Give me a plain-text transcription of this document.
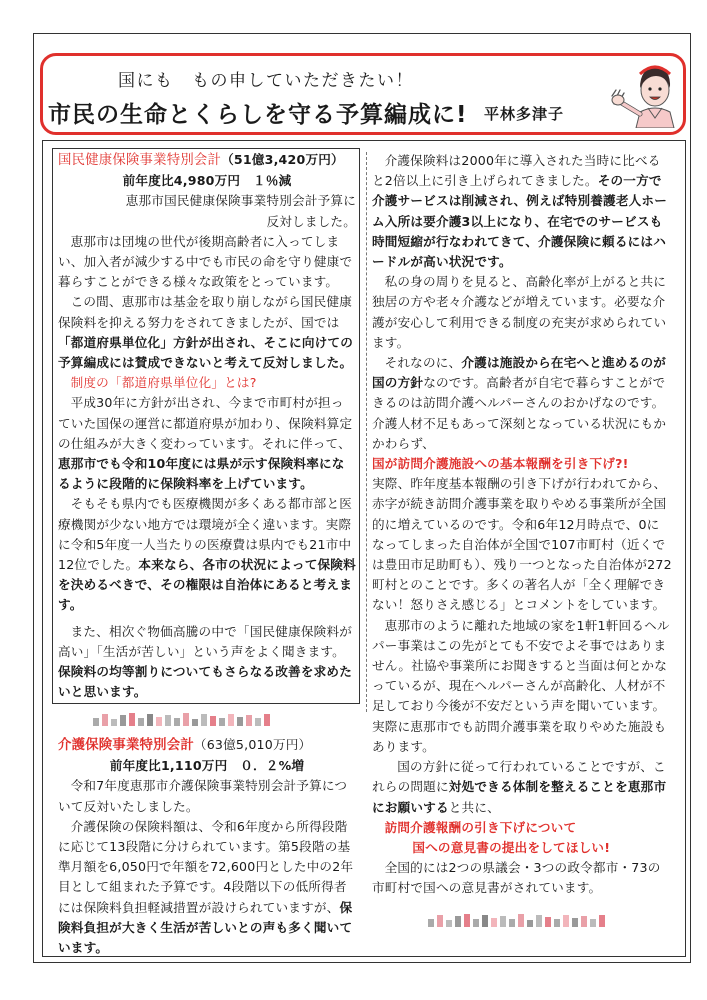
国にも　もの申していただきたい！
市民の生命とくらしを守る予算編成に! 平林多津子

国民健康保険事業特別会計（51億3,420万円）

前年度比4,980万円　１％減

恵那市国民健康保険事業特別会計予算に

反対しました。

恵那市は団塊の世代が後期高齢者に入ってしまい、加入者が減少する中でも市民の命を守り健康で暮らすことができる様々な政策をとっています。

この間、恵那市は基金を取り崩しながら国民健康保険料を抑える努力をされてきましたが、国では「都道府県単位化」方針が出され、そこに向けての予算編成には賛成できないと考えて反対しました。

制度の「都道府県単位化」とは?

平成30年に方針が出され、今まで市町村が担っていた国保の運営に都道府県が加わり、保険料算定の仕組みが大きく変わっています。それに伴って、恵那市でも令和10年度には県が示す保険料率になるように段階的に保険料率を上げています。

そもそも県内でも医療機関が多くある都市部と医療機関が少ない地方では環境が全く違います。実際に令和5年度一人当たりの医療費は県内でも21市中12位でした。本来なら、各市の状況によって保険料を決めるべきで、その権限は自治体にあると考えます。

また、相次ぐ物価高騰の中で「国民健康保険料が高い」「生活が苦しい」という声をよく聞きます。保険料の均等割りについてもさらなる改善を求めたいと思います。

介護保険事業特別会計（63億5,010万円）

前年度比1,110万円　０．２%増

令和7年度恵那市介護保険事業特別会計予算について反対いたしました。

介護保険の保険料額は、令和6年度から所得段階に応じて13段階に分けられています。第5段階の基準月額を6,050円で年額を72,600円とした中の2年目として組まれた予算です。4段階以下の低所得者には保険料負担軽減措置が設けられていますが、保険料負担が大きく生活が苦しいとの声も多く聞いています。

介護保険料は2000年に導入された当時に比べると2倍以上に引き上げられてきました。その一方で介護サービスは削減され、例えば特別養護老人ホーム入所は要介護3以上になり、在宅でのサービスも 時間短縮が行なわれてきて、介護保険に頼るにはハードルが高い状況です。

私の身の周りを見ると、高齢化率が上がると共に独居の方や老々介護などが増えています。必要な介護が安心して利用できる制度の充実が求められています。

それなのに、介護は施設から在宅へと進めるのが国の方針なのです。高齢者が自宅で暮らすことができるのは訪問介護ヘルパーさんのおかげなのです。介護人材不足もあって深刻となっている状況にもかかわらず、

国が訪問介護施設への基本報酬を引き下げ?!

実際、昨年度基本報酬の引き下げが行われてから、赤字が続き訪問介護事業を取りやめる事業所が全国的に増えているのです。令和6年12月時点で、0になってしまった自治体が全国で107市町村（近くでは豊田市足助町も）、残り一つとなった自治体が272町村とのことです。多くの著名人が「全く理解できない！怒りさえ感じる」とコメントをしています。

恵那市のように離れた地域の家を1軒1軒回るヘルパー事業はこの先がとても不安でよそ事ではありません。社協や事業所にお聞きすると当面は何とかなっているが、現在ヘルパーさんが高齢化、人材が不足しており今後が不安だという声を聞いています。実際に恵那市でも訪問介護事業を取りやめた施設もあります。

国の方針に従って行われていることですが、これらの問題に対処できる体制を整えることを恵那市にお願いすると共に、

訪問介護報酬の引き下げについて

国への意見書の提出をしてほしい!

全国的には2つの県議会・3つの政令都市・73の市町村で国への意見書がされています。
